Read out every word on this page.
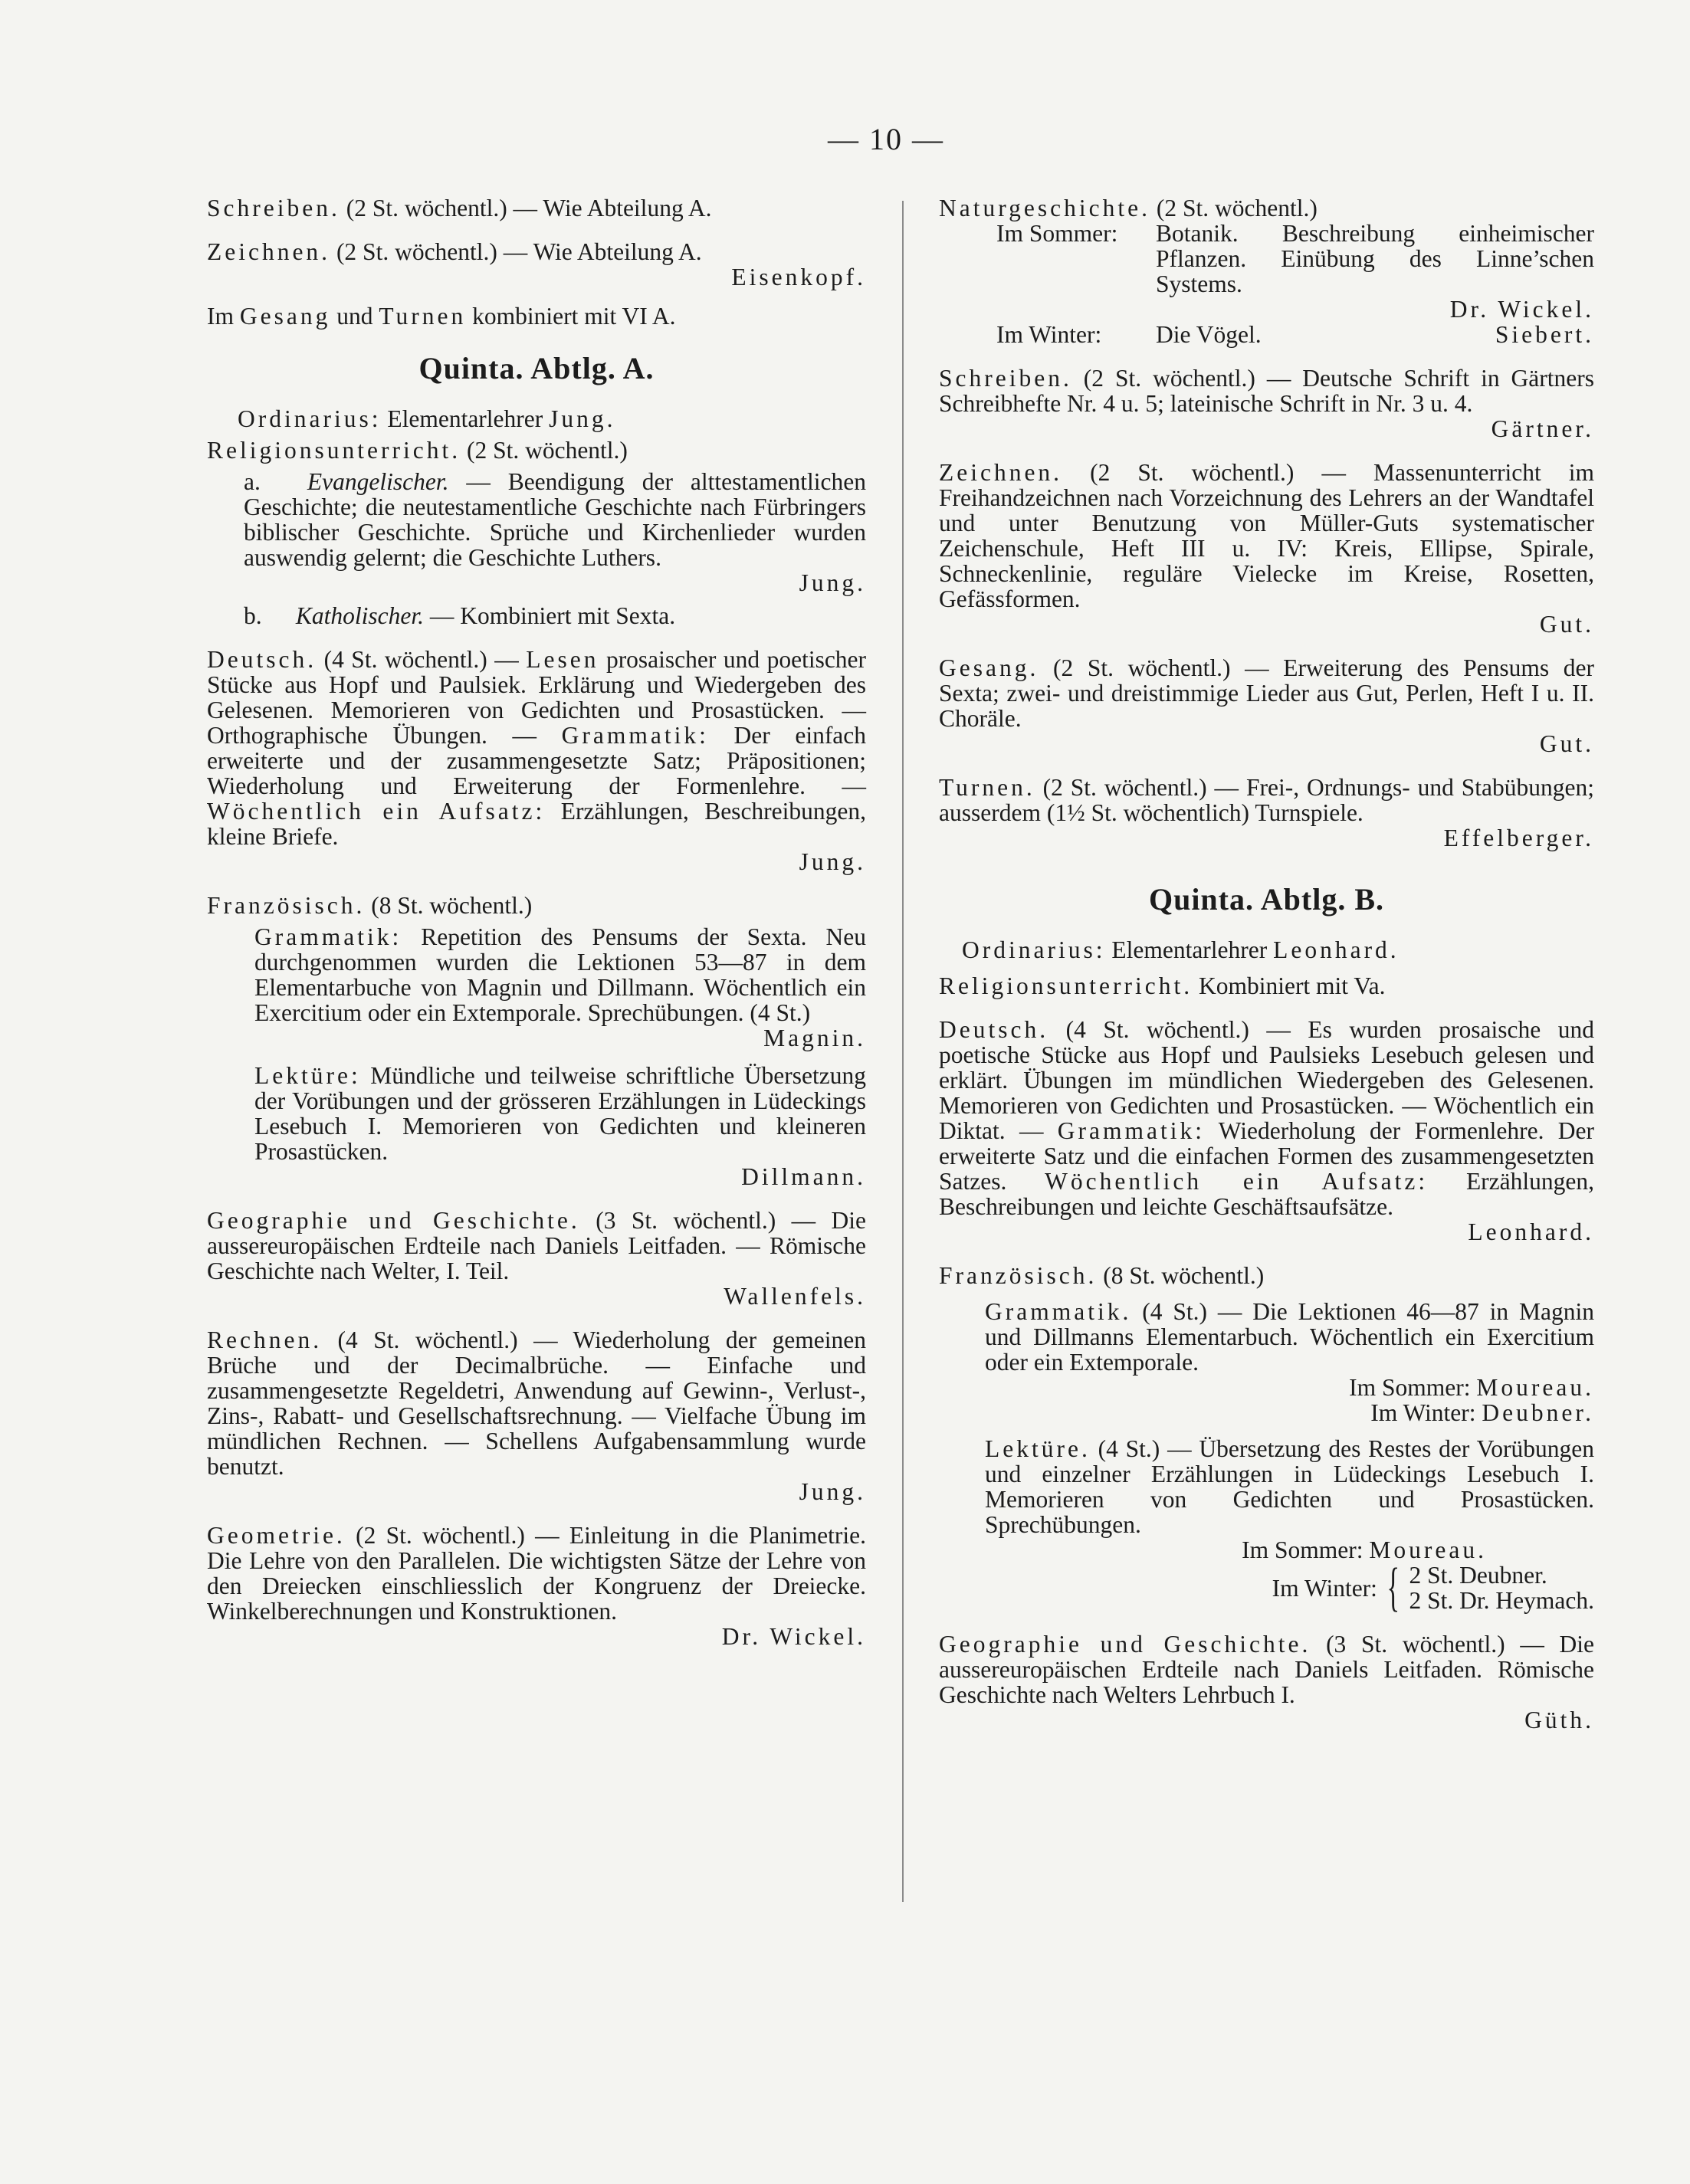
— 10 —

Schreiben. (2 St. wöchentl.) — Wie Abteilung A.

Zeichnen. (2 St. wöchentl.) — Wie Abteilung A.
Eisenkopf.

Im Gesang und Turnen kombiniert mit VI A.

Quinta. Abtlg. A.

Ordinarius: Elementarlehrer Jung.

Religionsunterricht. (2 St. wöchentl.)

a. Evangelischer. — Beendigung der alttestamentlichen Geschichte; die neutestamentliche Geschichte nach Fürbringers biblischer Geschichte. Sprüche und Kirchenlieder wurden auswendig gelernt; die Geschichte Luthers.
Jung.
b. Katholischer. — Kombiniert mit Sexta.

Deutsch. (4 St. wöchentl.) — Lesen prosaischer und poetischer Stücke aus Hopf und Paulsiek. Erklärung und Wiedergeben des Gelesenen. Memorieren von Gedichten und Prosastücken. — Orthographische Übungen. — Grammatik: Der einfach erweiterte und der zusammengesetzte Satz; Präpositionen; Wiederholung und Erweiterung der Formenlehre. — Wöchentlich ein Aufsatz: Erzählungen, Beschreibungen, kleine Briefe.
Jung.

Französisch. (8 St. wöchentl.)

Grammatik: Repetition des Pensums der Sexta. Neu durchgenommen wurden die Lektionen 53—87 in dem Elementarbuche von Magnin und Dillmann. Wöchentlich ein Exercitium oder ein Extemporale. Sprechübungen. (4 St.)
Magnin.

Lektüre: Mündliche und teilweise schriftliche Übersetzung der Vorübungen und der grösseren Erzählungen in Lüdeckings Lesebuch I. Memorieren von Gedichten und kleineren Prosastücken.
Dillmann.

Geographie und Geschichte. (3 St. wöchentl.) — Die aussereuropäischen Erdteile nach Daniels Leitfaden. — Römische Geschichte nach Welter, I. Teil.
Wallenfels.

Rechnen. (4 St. wöchentl.) — Wiederholung der gemeinen Brüche und der Decimalbrüche. — Einfache und zusammengesetzte Regeldetri, Anwendung auf Gewinn-, Verlust-, Zins-, Rabatt- und Gesellschaftsrechnung. — Vielfache Übung im mündlichen Rechnen. — Schellens Aufgabensammlung wurde benutzt.
Jung.

Geometrie. (2 St. wöchentl.) — Einleitung in die Planimetrie. Die Lehre von den Parallelen. Die wichtigsten Sätze der Lehre von den Dreiecken einschliesslich der Kongruenz der Dreiecke. Winkelberechnungen und Konstruktionen.
Dr. Wickel.

Naturgeschichte. (2 St. wöchentl.)
Im Sommer:	Botanik. Beschreibung einheimischer Pflanzen. Einübung des Linne’schen Systems.
Dr. Wickel.
Im Winter:	Die Vögel.	Siebert.

Schreiben. (2 St. wöchentl.) — Deutsche Schrift in Gärtners Schreibhefte Nr. 4 u. 5; lateinische Schrift in Nr. 3 u. 4.
Gärtner.

Zeichnen. (2 St. wöchentl.) — Massenunterricht im Freihandzeichnen nach Vorzeichnung des Lehrers an der Wandtafel und unter Benutzung von Müller-Guts systematischer Zeichenschule, Heft III u. IV: Kreis, Ellipse, Spirale, Schneckenlinie, reguläre Vielecke im Kreise, Rosetten, Gefässformen.
Gut.

Gesang. (2 St. wöchentl.) — Erweiterung des Pensums der Sexta; zwei- und dreistimmige Lieder aus Gut, Perlen, Heft I u. II. Choräle.
Gut.

Turnen. (2 St. wöchentl.) — Frei-, Ordnungs- und Stabübungen; ausserdem (1½ St. wöchentlich) Turnspiele.
Effelberger.

Quinta. Abtlg. B.

Ordinarius: Elementarlehrer Leonhard.

Religionsunterricht. Kombiniert mit Va.

Deutsch. (4 St. wöchentl.) — Es wurden prosaische und poetische Stücke aus Hopf und Paulsieks Lesebuch gelesen und erklärt. Übungen im mündlichen Wiedergeben des Gelesenen. Memorieren von Gedichten und Prosastücken. — Wöchentlich ein Diktat. — Grammatik: Wiederholung der Formenlehre. Der erweiterte Satz und die einfachen Formen des zusammengesetzten Satzes. Wöchentlich ein Aufsatz: Erzählungen, Beschreibungen und leichte Geschäftsaufsätze.
Leonhard.

Französisch. (8 St. wöchentl.)

Grammatik. (4 St.) — Die Lektionen 46—87 in Magnin und Dillmanns Elementarbuch. Wöchentlich ein Exercitium oder ein Extemporale.
Im Sommer: Moureau.
Im Winter: Deubner.
Lektüre. (4 St.) — Übersetzung des Restes der Vorübungen und einzelner Erzählungen in Lüdeckings Lesebuch I. Memorieren von Gedichten und Prosastücken. Sprechübungen.
Im Sommer: Moureau.
Im Winter: { 2 St. Deubner.
2 St. Dr. Heymach.

Geographie und Geschichte. (3 St. wöchentl.) — Die aussereuropäischen Erdteile nach Daniels Leitfaden. Römische Geschichte nach Welters Lehrbuch I.
Güth.
